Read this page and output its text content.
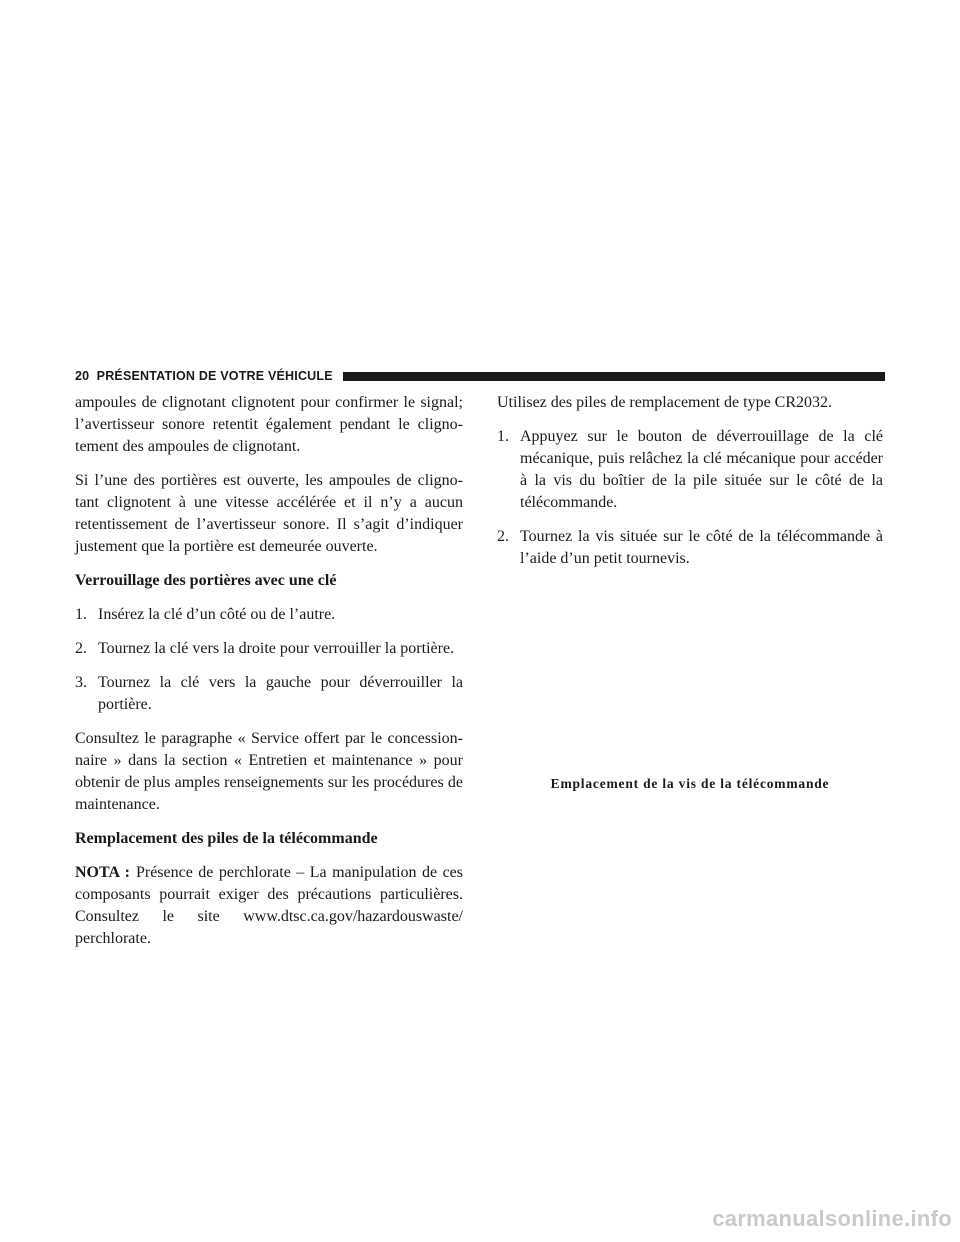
20 PRÉSENTATION DE VOTRE VÉHICULE

ampoules de clignotant clignotent pour confirmer le signal; l’avertisseur sonore retentit également pendant le cligno-tement des ampoules de clignotant.

Si l’une des portières est ouverte, les ampoules de cligno-tant clignotent à une vitesse accélérée et il n’y a aucun retentissement de l’avertisseur sonore. Il s’agit d’indiquer justement que la portière est demeurée ouverte.

Verrouillage des portières avec une clé

1. Insérez la clé d’un côté ou de l’autre.
2. Tournez la clé vers la droite pour verrouiller la portière.
3. Tournez la clé vers la gauche pour déverrouiller la portière.

Consultez le paragraphe « Service offert par le concession-naire » dans la section « Entretien et maintenance » pour obtenir de plus amples renseignements sur les procédures de maintenance.

Remplacement des piles de la télécommande

NOTA : Présence de perchlorate – La manipulation de ces composants pourrait exiger des précautions particulières. Consultez le site www.dtsc.ca.gov/hazardouswaste/ perchlorate.

Utilisez des piles de remplacement de type CR2032.

1. Appuyez sur le bouton de déverrouillage de la clé mécanique, puis relâchez la clé mécanique pour accéder à la vis du boîtier de la pile située sur le côté de la télécommande.
2. Tournez la vis située sur le côté de la télécommande à l’aide d’un petit tournevis.
Emplacement de la vis de la télécommande
carmanualsonline.info
